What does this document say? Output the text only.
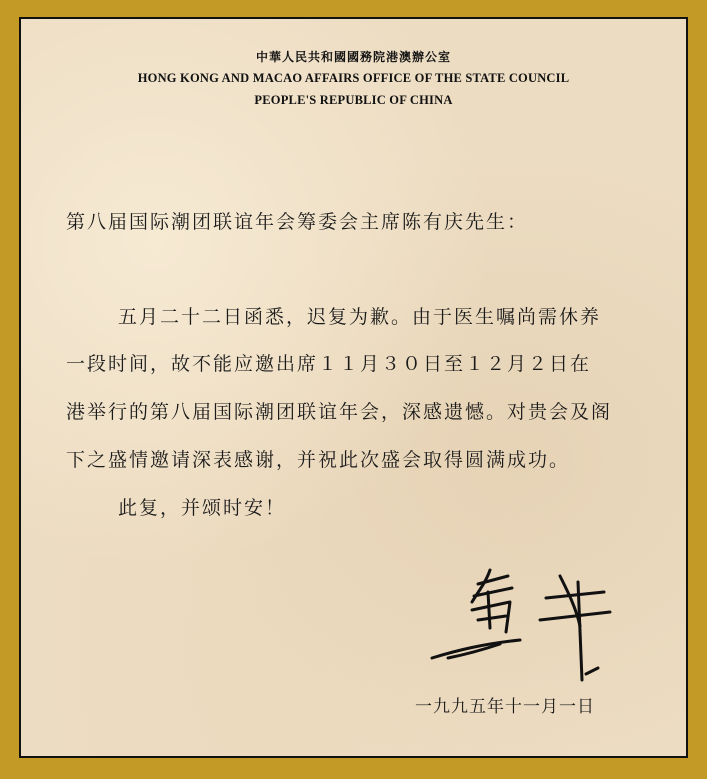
中華人民共和國國務院港澳辦公室
HONG KONG AND MACAO AFFAIRS OFFICE OF THE STATE COUNCIL
PEOPLE'S REPUBLIC OF CHINA
第八届国际潮团联谊年会筹委会主席陈有庆先生：
五月二十二日函悉，迟复为歉。由于医生嘱尚需休养
一段时间，故不能应邀出席１１月３０日至１２月２日在
港举行的第八届国际潮团联谊年会，深感遗憾。对贵会及阁
下之盛情邀请深表感谢，并祝此次盛会取得圆满成功。
此复，并颂时安！
一九九五年十一月一日
